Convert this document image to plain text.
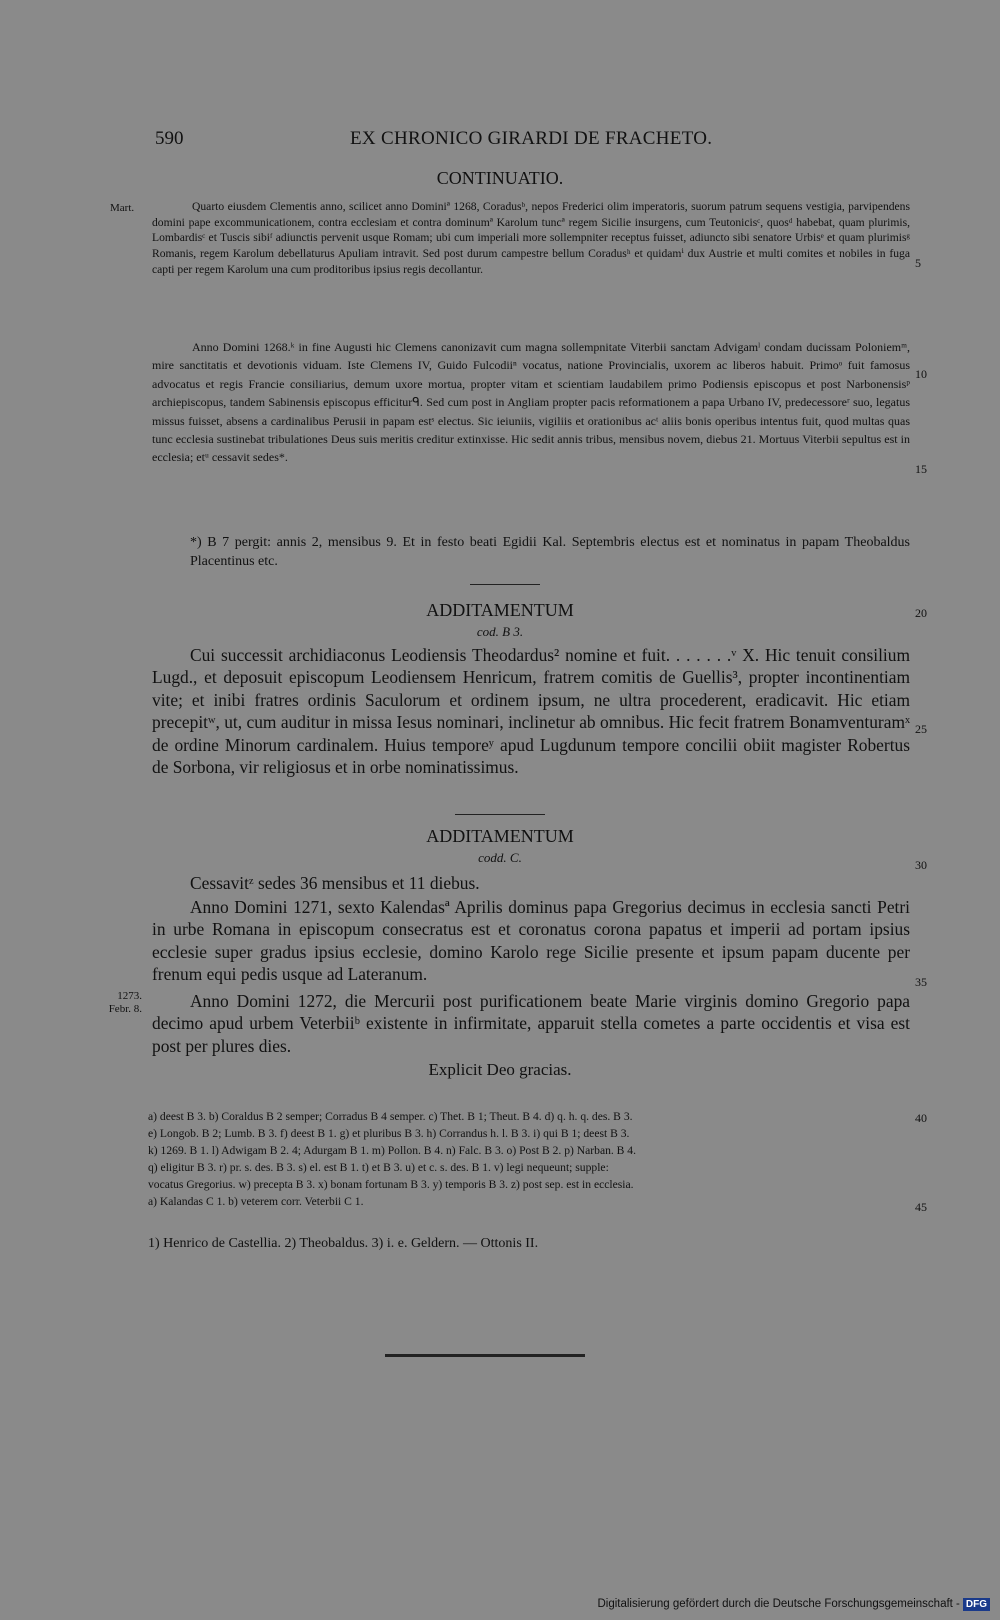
590	EX CHRONICO GIRARDI DE FRACHETO.
CONTINUATIO.
Mart.	Quarto eiusdem Clementis anno, scilicet anno Dominiª 1268, Coradusᵇ, nepos Frederici olim imperatoris, suorum patrum sequens vestigia, parvipendens domini pape excommunicationem, contra ecclesiam et contra dominumª Karolum tuncª regem Sicilie insurgens, cum Teutonicisᶜ, quosᵈ habebat, quam plurimis, Lombardisᶜ et Tuscis sibiᶠ adiunctis pervenit usque Romam; ubi cum imperiali more sollempniter receptus fuisset, adiuncto sibi senatore Urbisᵉ et quam plurimisᵍ Romanis, regem Karolum debellaturus Apuliam intravit. Sed post durum campestre bellum Coradusʰ et quidamⁱ dux Austrie et multi comites et nobiles in fuga capti per regem Karolum una cum proditoribus ipsius regis decollantur.
Anno Domini 1268.ᵏ in fine Augusti hic Clemens canonizavit cum magna sollempnitate Viterbii sanctam Advigamˡ condam ducissam Poloniemᵐ, mire sanctitatis et devotionis viduam. Iste Clemens IV, Guido Fulcodiiⁿ vocatus, natione Provincialis, uxorem ac liberos habuit. Primoᵒ fuit famosus advocatus et regis Francie consiliarius, demum uxore mortua, propter vitam et scientiam laudabilem primo Podiensis episcopus et post Narbonensisᵖ archiepiscopus, tandem Sabinensis episcopus efficiturᑫ. Sed cum post in Angliam propter pacis reformationem a papa Urbano IV, predecessoreʳ suo, legatus missus fuisset, absens a cardinalibus Perusii in papam estˢ electus. Sic ieiuniis, vigiliis et orationibus acᵗ aliis bonis operibus intentus fuit, quod multas quas tunc ecclesia sustinebat tribulationes Deus suis meritis creditur extinxisse. Hic sedit annis tribus, mensibus novem, diebus 21. Mortuus Viterbii sepultus est in ecclesia; etᵘ cessavit sedes*.
*) B 7 pergit: annis 2, mensibus 9. Et in festo beati Egidii Kal. Septembris electus est et nominatus in papam Theobaldus Placentinus etc.
ADDITAMENTUM
cod. B 3.
Cui successit archidiaconus Leodiensis Theodardus² nomine et fuit. . . . . . .ᵛ X. Hic tenuit consilium Lugd., et deposuit episcopum Leodiensem Henricum, fratrem comitis de Guellis³, propter incontinentiam vite; et inibi fratres ordinis Saculorum et ordinem ipsum, ne ultra procederent, eradicavit. Hic etiam precepitʷ, ut, cum auditur in missa Iesus nominari, inclinetur ab omnibus. Hic fecit fratrem Bonamventuramˣ de ordine Minorum cardinalem. Huius temporeʸ apud Lugdunum tempore concilii obiit magister Robertus de Sorbona, vir religiosus et in orbe nominatissimus.
ADDITAMENTUM
codd. C.
Cessavitᶻ sedes 36 mensibus et 11 diebus.
Anno Domini 1271, sexto Kalendasª Aprilis dominus papa Gregorius decimus in ecclesia sancti Petri in urbe Romana in episcopum consecratus est et coronatus corona papatus et imperii ad portam ipsius ecclesie super gradus ipsius ecclesie, domino Karolo rege Sicilie presente et ipsum papam ducente per frenum equi pedis usque ad Lateranum.
1273.
Febr. 8.	Anno Domini 1272, die Mercurii post purificationem beate Marie virginis domino Gregorio papa decimo apud urbem Veterbiiᵇ existente in infirmitate, apparuit stella cometes a parte occidentis et visa est post per plures dies.
Explicit Deo gracias.
5
10
15
20
25
30
35
40
45
a) deest B 3. b) Coraldus B 2 semper; Corradus B 4 semper. c) Thet. B 1; Theut. B 4. d) q. h. q. des. B 3.
e) Longob. B 2; Lumb. B 3. f) deest B 1. g) et pluribus B 3. h) Corrandus h. l. B 3. i) qui B 1; deest B 3.
k) 1269. B 1. l) Adwigam B 2. 4; Adurgam B 1. m) Pollon. B 4. n) Falc. B 3. o) Post B 2. p) Narban. B 4.
q) eligitur B 3. r) pr. s. des. B 3. s) el. est B 1. t) et B 3. u) et c. s. des. B 1. v) legi nequeunt; supple:
vocatus Gregorius. w) precepta B 3. x) bonam fortunam B 3. y) temporis B 3. z) post sep. est in ecclesia.
a) Kalandas C 1. b) veterem corr. Veterbii C 1.
1) Henrico de Castellia. 2) Theobaldus. 3) i. e. Geldern. — Ottonis II.
Digitalisierung gefördert durch die Deutsche Forschungsgemeinschaft - DFG
